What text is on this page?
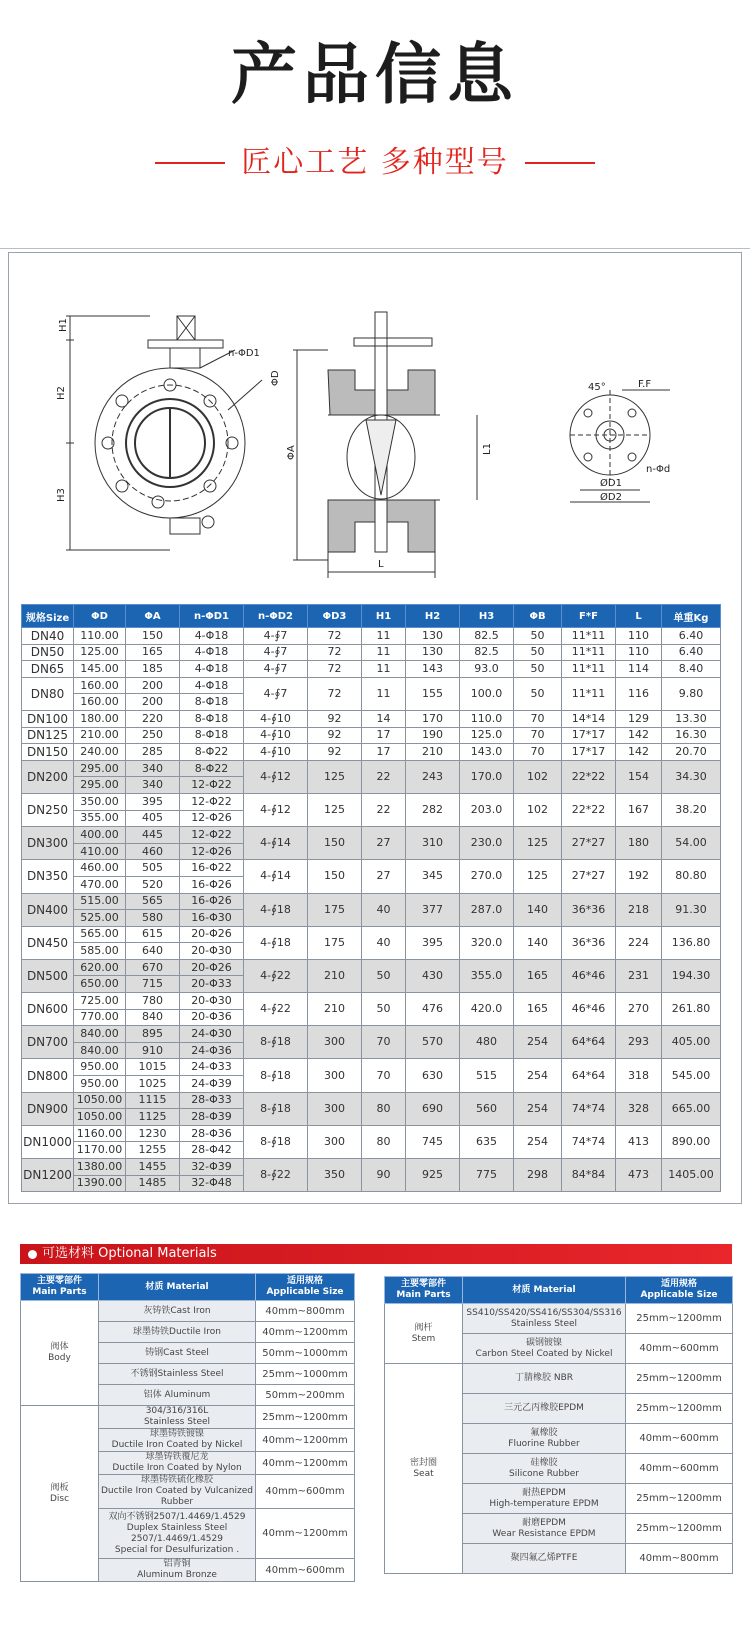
产品信息
匠心工艺 多种型号
H1
H2
H3
n-ΦD1
ΦD
ΦA	L1
L
45°	F.F
n-Φd
ØD1
ØD2
规格Size	ΦD	ΦA	n-ΦD1	n-ΦD2	ΦD3	H1	H2	H3	ΦB	F*F	L	单重Kg
DN40	110.00	150	4-Φ18	4-∮7	72	11	130	82.5	50	11*11	110	6.40
DN50	125.00	165	4-Φ18	4-∮7	72	11	130	82.5	50	11*11	110	6.40
DN65	145.00	185	4-Φ18	4-∮7	72	11	143	93.0	50	11*11	114	8.40
DN80	160.00	200	4-Φ18	4-∮7	72	11	155	100.0	50	11*11	116	9.80
	160.00	200	8-Φ18									
DN100	180.00	220	8-Φ18	4-∮10	92	14	170	110.0	70	14*14	129	13.30
DN125	210.00	250	8-Φ18	4-∮10	92	17	190	125.0	70	17*17	142	16.30
DN150	240.00	285	8-Φ22	4-∮10	92	17	210	143.0	70	17*17	142	20.70
DN200	295.00	340	8-Φ22	4-∮12	125	22	243	170.0	102	22*22	154	34.30
	295.00	340	12-Φ22									
DN250	350.00	395	12-Φ22	4-∮12	125	22	282	203.0	102	22*22	167	38.20
	355.00	405	12-Φ26									
DN300	400.00	445	12-Φ22	4-∮14	150	27	310	230.0	125	27*27	180	54.00
	410.00	460	12-Φ26									
DN350	460.00	505	16-Φ22	4-∮14	150	27	345	270.0	125	27*27	192	80.80
	470.00	520	16-Φ26									
DN400	515.00	565	16-Φ26	4-∮18	175	40	377	287.0	140	36*36	218	91.30
	525.00	580	16-Φ30									
DN450	565.00	615	20-Φ26	4-∮18	175	40	395	320.0	140	36*36	224	136.80
	585.00	640	20-Φ30									
DN500	620.00	670	20-Φ26	4-∮22	210	50	430	355.0	165	46*46	231	194.30
	650.00	715	20-Φ33									
DN600	725.00	780	20-Φ30	4-∮22	210	50	476	420.0	165	46*46	270	261.80
	770.00	840	20-Φ36									
DN700	840.00	895	24-Φ30	8-∮18	300	70	570	480	254	64*64	293	405.00
	840.00	910	24-Φ36									
DN800	950.00	1015	24-Φ33	8-∮18	300	70	630	515	254	64*64	318	545.00
	950.00	1025	24-Φ39									
DN900	1050.00	1115	28-Φ33	8-∮18	300	80	690	560	254	74*74	328	665.00
	1050.00	1125	28-Φ39									
DN1000	1160.00	1230	28-Φ36	8-∮18	300	80	745	635	254	74*74	413	890.00
	1170.00	1255	28-Φ42									
DN1200	1380.00	1455	32-Φ39	8-∮22	350	90	925	775	298	84*84	473	1405.00
	1390.00	1485	32-Φ48									
可选材料 Optional Materials
主要零部件
Main Parts	材质 Material	适用规格
Applicable Size

阀体
Body	灰铸铁Cast Iron	40mm~800mm

	球墨铸铁Ductile Iron	40mm~1200mm

	铸钢Cast Steel	50mm~1000mm

	不锈钢Stainless Steel	25mm~1000mm

	铝体 Aluminum	50mm~200mm

阀板
Disc	304/316/316L
Stainless Steel	25mm~1200mm

	球墨铸铁镀镍
Ductile Iron Coated by Nickel	40mm~1200mm

	球墨铸铁覆尼龙
Ductile Iron Coated by Nylon	40mm~1200mm

	球墨铸铁硫化橡胶
Ductile Iron Coated by Vulcanized Rubber	40mm~600mm

	双向不锈钢2507/1.4469/1.4529
Duplex Stainless Steel
2507/1.4469/1.4529
Special for Desulfurization .	40mm~1200mm

	铝青铜
Aluminum Bronze	40mm~600mm
主要零部件
Main Parts	材质 Material	适用规格
Applicable Size

阀杆
Stem	SS410/SS420/SS416/SS304/SS316
Stainless Steel	25mm~1200mm

	碳钢镀镍
Carbon Steel Coated by Nickel	40mm~600mm

密封圈
Seat	丁腈橡胶 NBR	25mm~1200mm

	三元乙丙橡胶EPDM	25mm~1200mm

	氟橡胶
Fluorine Rubber	40mm~600mm

	硅橡胶
Silicone Rubber	40mm~600mm

	耐热EPDM
High-temperature EPDM	25mm~1200mm

	耐磨EPDM
Wear Resistance EPDM	25mm~1200mm

	聚四氟乙烯PTFE	40mm~800mm
